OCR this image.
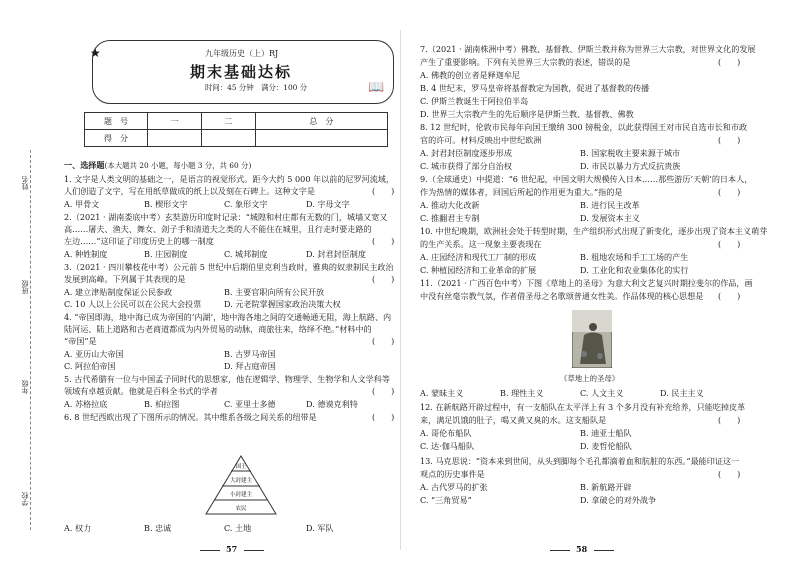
姓名
班级
年级
学校
★
📖
九年级历史（上）RJ
期末基础达标
时间：45 分钟　满分：100 分
题　号	一	二	总　分
得　分			
一、选择题(本大题共 20 小题，每小题 3 分，共 60 分)
1. 文字是人类文明的基础之一，是语言的视觉形式。距今大约 5 000 年以前的尼罗河流域，
人们创造了文字，写在用纸草做成的纸上以及刻在石碑上。这种文字是
A. 甲骨文	B. 楔形文字	C. 象形文字	D. 字母文字
2.（2021 · 湖南娄底中考）玄奘游历印度时记录：“城隍和村庄都有无数的门，城墙又宽又
高……屠夫、渔夫、舞女、刽子手和清道夫之类的人不能住在城里，且行走时要走路的
左边……”这印证了印度历史上的哪一制度
A. 种姓制度	B. 庄园制度	C. 城邦制度	D. 封君封臣制度
3.（2021 · 四川攀枝花中考）公元前 5 世纪中后期伯里克利当政时，雅典的奴隶制民主政治
发展到高峰。下列属于其表现的是
A. 建立津贴制度保证公民参政	B. 主要官职向所有公民开放
C. 10 人以上公民可以在公民大会投票	D. 元老院掌握国家政治决策大权
4. “帝国即海，地中海已成为帝国的‘内湖’，地中海各地之间的交通畅通无阻，海上航路、内
陆河运、陆上道路和古老商道都成为内外贸易的动脉，商旅往来，络绎不绝。”材料中的
“帝国”是
A. 亚历山大帝国	B. 古罗马帝国
C. 阿拉伯帝国	D. 拜占庭帝国
5. 古代希腊有一位与中国孟子同时代的思想家，他在逻辑学、物理学、生物学和人文学科等
领域有卓越贡献。他就是百科全书式的学者
A. 苏格拉底	B. 柏拉图	C. 亚里士多德	D. 德谟克利特
6. 8 世纪西欧出现了下图所示的情况。其中维系各级之间关系的纽带是
(　　)
(　　)
(　　)
(　　)
(　　)
(　　)
国王
大封建主
小封建主
农民
A. 权力	B. 忠诚	C. 土地	D. 军队
57
7.（2021 · 湖南株洲中考）佛教、基督教、伊斯兰教并称为世界三大宗教，对世界文化的发展
产生了重要影响。下列有关世界三大宗教的表述，错误的是
A. 佛教的创立者是释迦牟尼
B. 4 世纪末，罗马皇帝将基督教定为国教，促进了基督教的传播
C. 伊斯兰教诞生于阿拉伯半岛
D. 世界三大宗教产生的先后顺序是伊斯兰教、基督教、佛教
8. 12 世纪时，伦敦市民每年向国王缴纳 300 镑税金，以此获得国王对市民自选市长和市政
官的许可。材料反映出中世纪欧洲
A. 封君封臣制度逐步形成	B. 国家税收主要来源于城市
C. 城市获得了部分自治权	D. 市民以暴力方式反抗贵族
9.（全球通史）中提道：“6 世纪起，中国文明大规模传入日本……那些游历‘天朝’的日本人，
作为热情的媒体者，回国后所起的作用更为重大。”指的是
A. 推动大化改新	B. 进行民主改革
C. 推翻君主专制	D. 发展资本主义
10. 中世纪晚期，欧洲社会处于转型时期，生产组织形式出现了新变化，逐步出现了资本主义萌芽
的生产关系。这一现象主要表现在
A. 庄园经济和现代工厂制的形成	B. 租地农场和手工工场的产生
C. 种植园经济和工业革命的扩展	D. 工业化和农业集体化的实行
11.（2021 · 广西百色中考）下图《草地上的圣母》为意大利文艺复兴时期拉斐尔的作品，画
中没有丝毫宗教气氛，作者借圣母之名歌颂普通女性美。作品体现的核心思想是
《草地上的圣母》
A. 蒙昧主义	B. 理性主义	C. 人文主义	D. 民主主义
12. 在新航路开辟过程中，有一支船队在太平洋上有 3 个多月没有补充给养，只能吃掉皮革
来，满足饥饿的肚子，喝又黄又臭的水。这支船队是
A. 哥伦布船队	B. 迪亚士船队
C. 达·伽马船队	D. 麦哲伦船队
13. 马克思说：“资本来到世间，从头到脚每个毛孔都滴着血和肮脏的东西。”最能印证这一
观点的历史事件是
A. 古代罗马的扩张	B. 新航路开辟
C. “三角贸易”	D. 拿破仑的对外战争
(　　)
(　　)
(　　)
(　　)
(　　)
(　　)
(　　)
58
